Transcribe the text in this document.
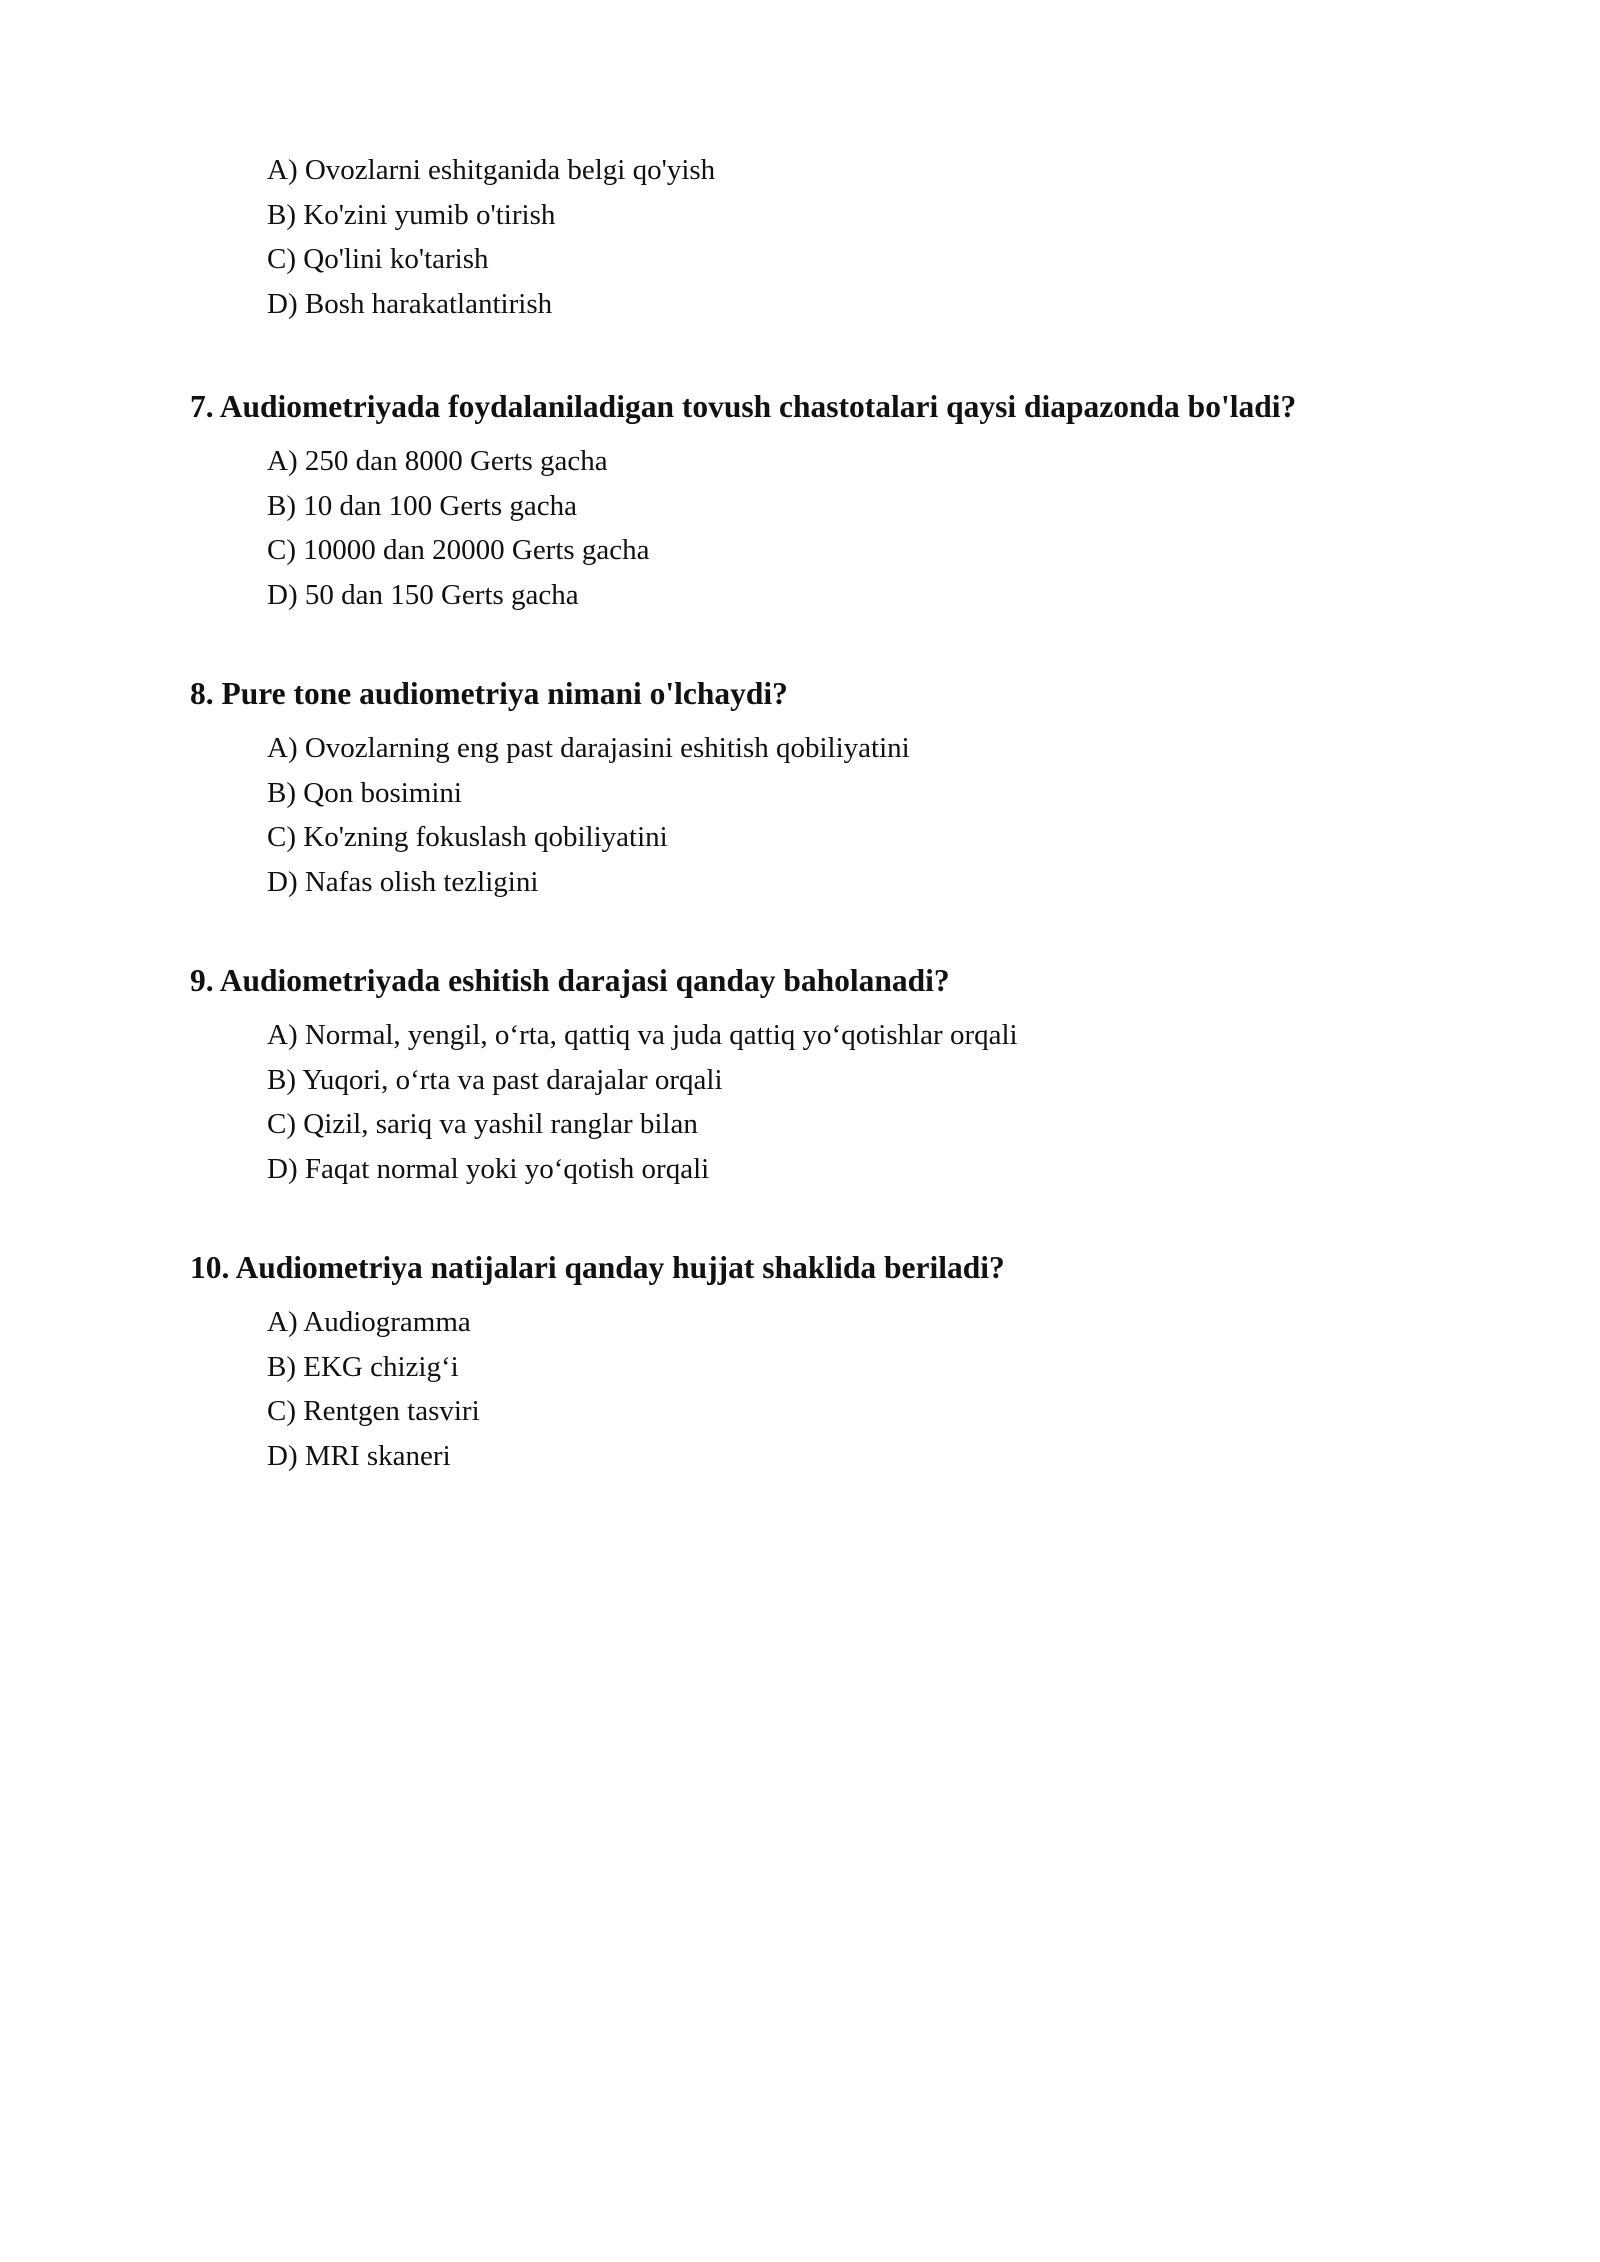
A) Ovozlarni eshitganida belgi qo'yish
B) Ko'zini yumib o'tirish
C) Qo'lini ko'tarish
D) Bosh harakatlantirish
7. Audiometriyada foydalaniladigan tovush chastotalari qaysi diapazonda bo'ladi?
A) 250 dan 8000 Gerts gacha
B) 10 dan 100 Gerts gacha
C) 10000 dan 20000 Gerts gacha
D) 50 dan 150 Gerts gacha
8. Pure tone audiometriya nimani o'lchaydi?
A) Ovozlarning eng past darajasini eshitish qobiliyatini
B) Qon bosimini
C) Ko'zning fokuslash qobiliyatini
D) Nafas olish tezligini
9. Audiometriyada eshitish darajasi qanday baholanadi?
A) Normal, yengil, o‘rta, qattiq va juda qattiq yo‘qotishlar orqali
B) Yuqori, o‘rta va past darajalar orqali
C) Qizil, sariq va yashil ranglar bilan
D) Faqat normal yoki yo‘qotish orqali
10. Audiometriya natijalari qanday hujjat shaklida beriladi?
A) Audiogramma
B) EKG chizig‘i
C) Rentgen tasviri
D) MRI skaneri
